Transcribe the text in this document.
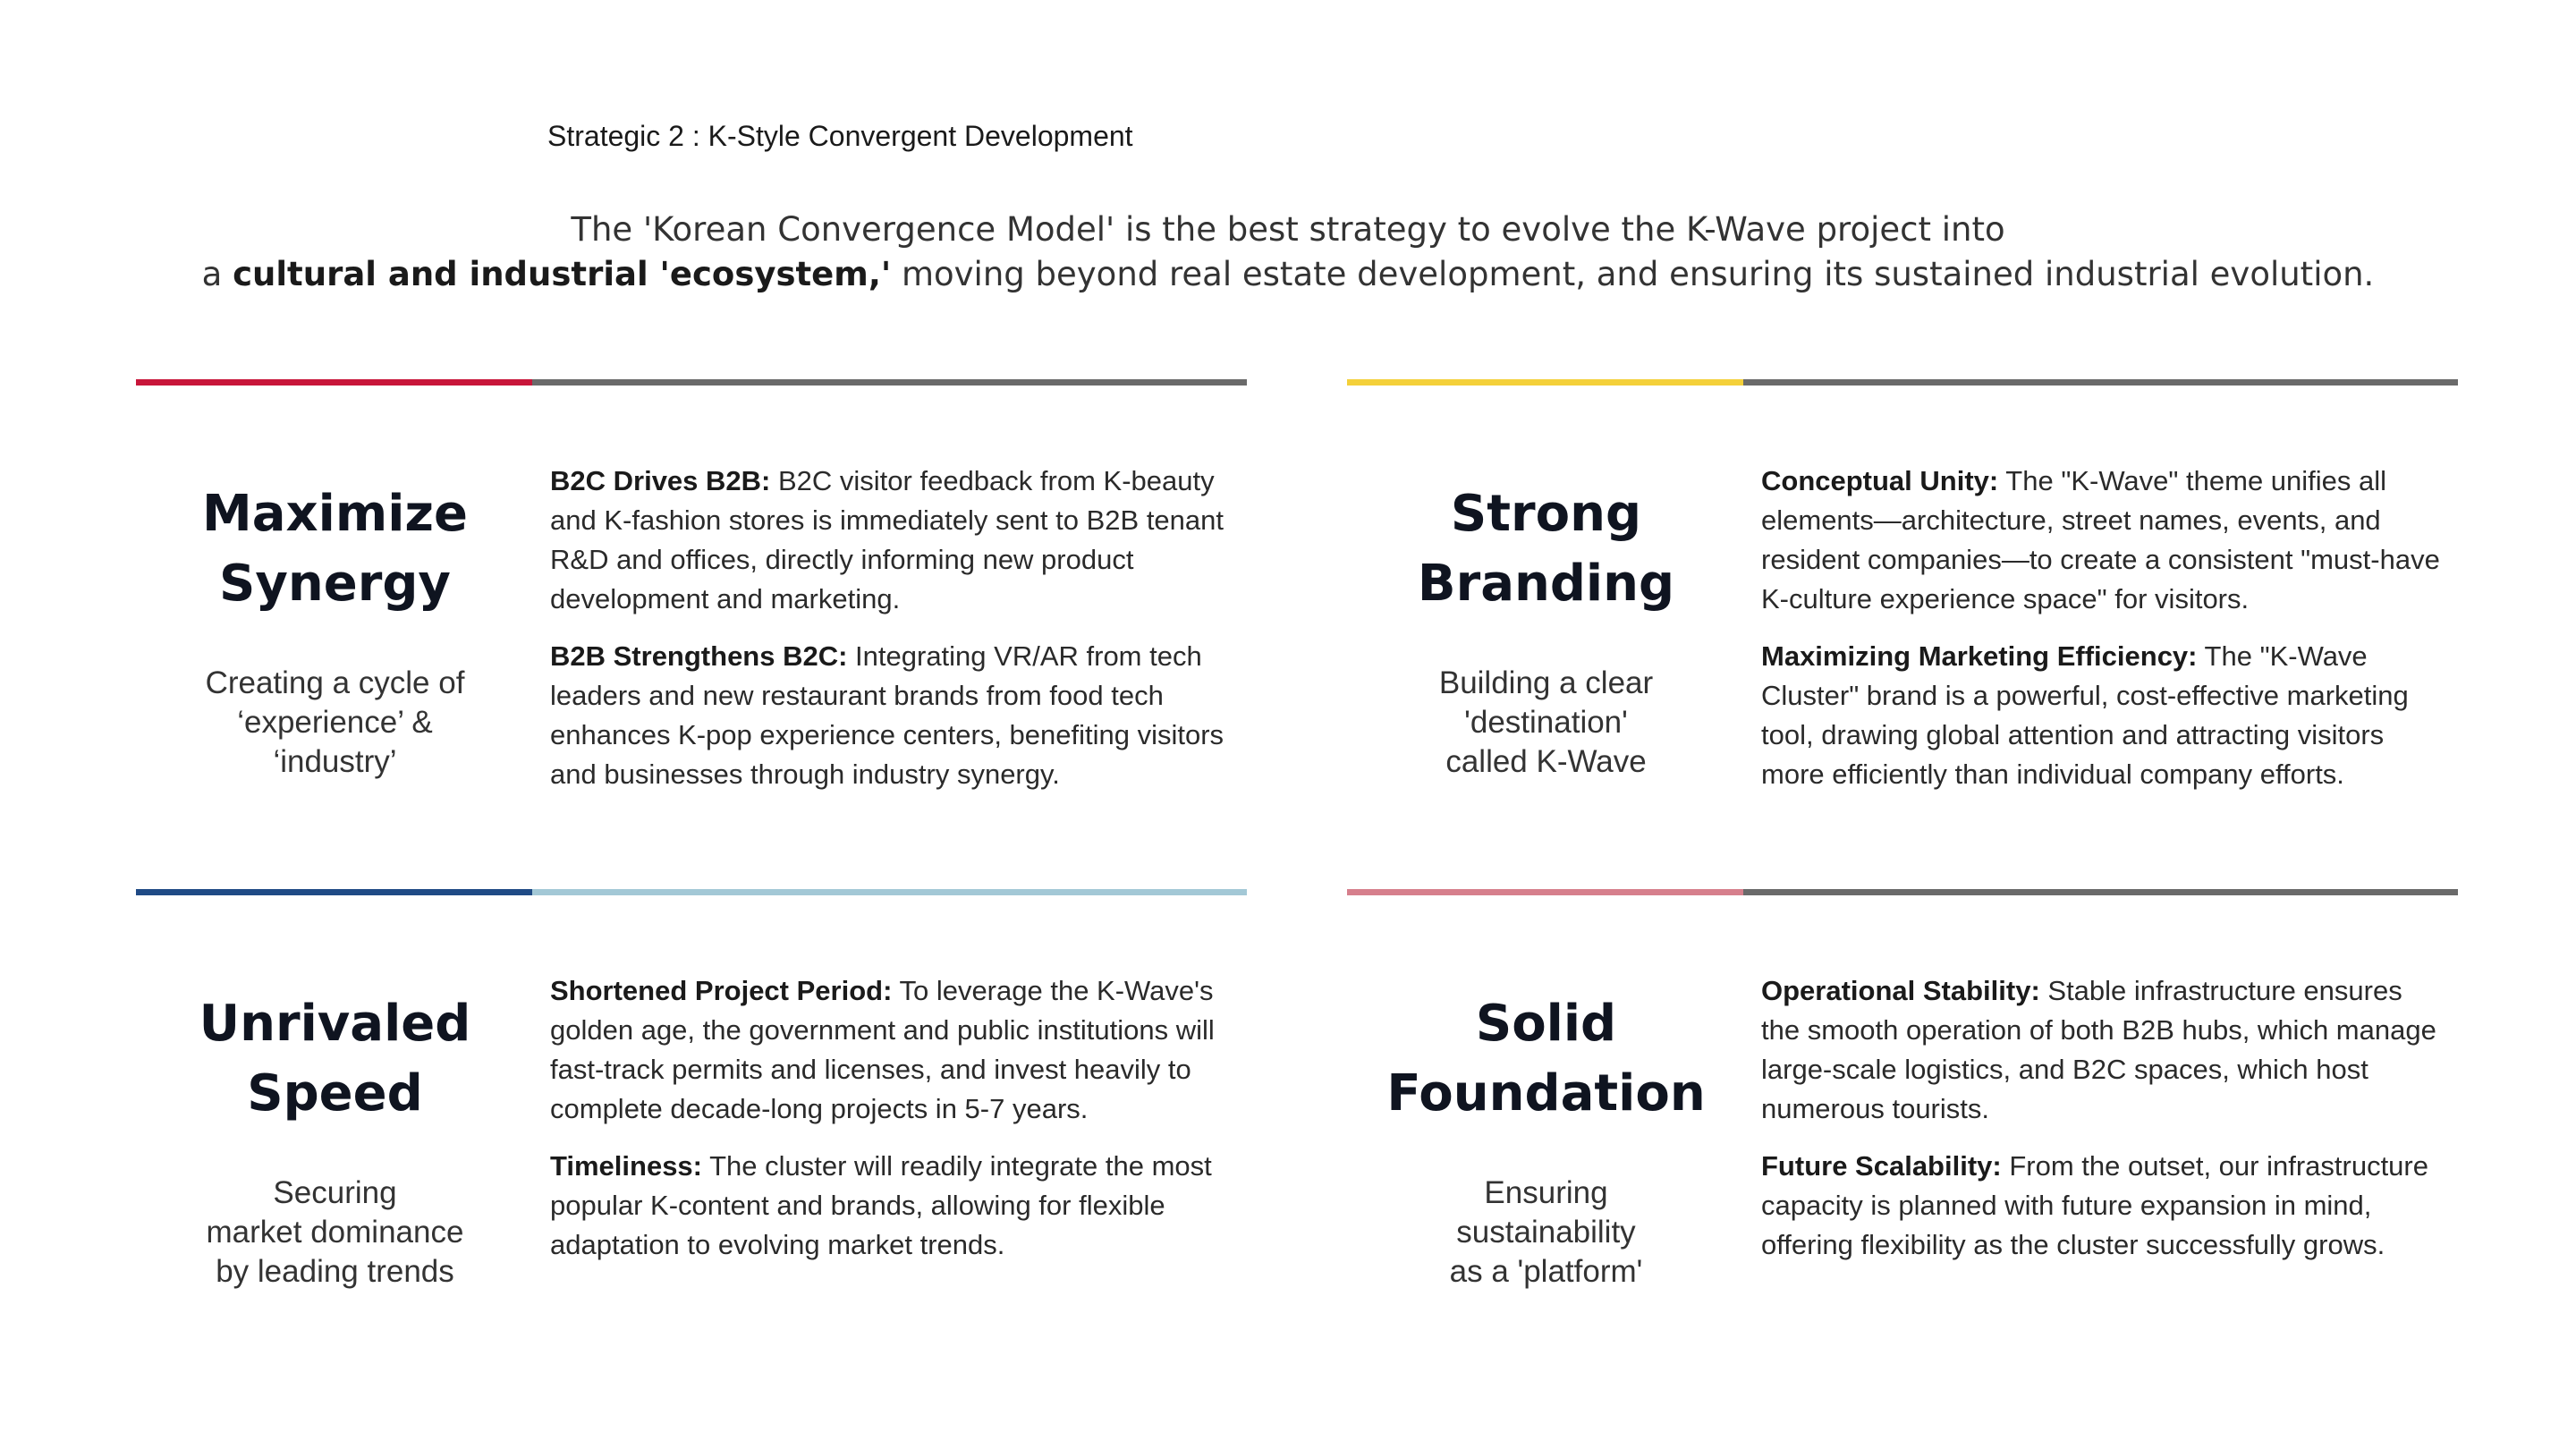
Strategic 2 : K-Style Convergent Development
The 'Korean Convergence Model' is the best strategy to evolve the K-Wave project into
a cultural and industrial 'ecosystem,' moving beyond real estate development, and ensuring its sustained industrial evolution.
Maximize
Synergy
Creating a cycle of
‘experience’ &
‘industry’

B2C Drives B2B: B2C visitor feedback from K-beauty and K-fashion stores is immediately sent to B2B tenant R&D and offices, directly informing new product development and marketing.

B2B Strengthens B2C: Integrating VR/AR from tech leaders and new restaurant brands from food tech enhances K-pop experience centers, benefiting visitors and businesses through industry synergy.

Strong
Branding
Building a clear
'destination'
called K-Wave

Conceptual Unity: The "K-Wave" theme unifies all elements—architecture, street names, events, and resident companies—to create a consistent "must-have K-culture experience space" for visitors.

Maximizing Marketing Efficiency: The "K-Wave Cluster" brand is a powerful, cost-effective marketing tool, drawing global attention and attracting visitors more efficiently than individual company efforts.

Unrivaled
Speed
Securing
market dominance
by leading trends

Shortened Project Period: To leverage the K-Wave's golden age, the government and public institutions will fast-track permits and licenses, and invest heavily to complete decade-long projects in 5-7 years.

Timeliness: The cluster will readily integrate the most popular K-content and brands, allowing for flexible adaptation to evolving market trends.

Solid
Foundation
Ensuring
sustainability
as a 'platform'

Operational Stability: Stable infrastructure ensures the smooth operation of both B2B hubs, which manage large-scale logistics, and B2C spaces, which host numerous tourists.

Future Scalability: From the outset, our infrastructure capacity is planned with future expansion in mind, offering flexibility as the cluster successfully grows.
